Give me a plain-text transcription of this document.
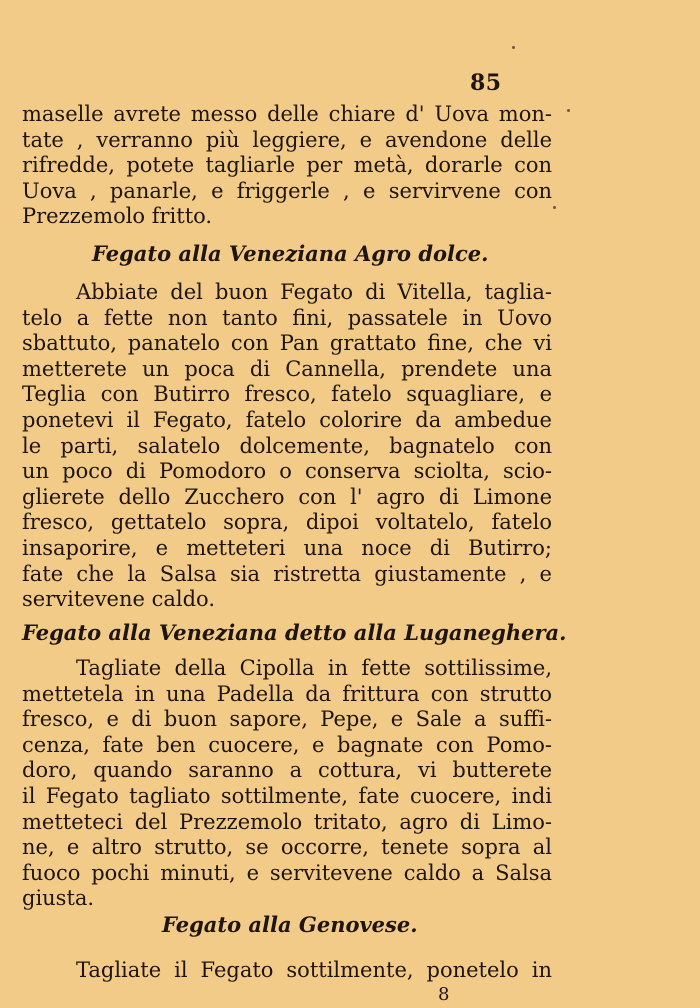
85
maselle avrete messo delle chiare d' Uova mon-
tate , verranno più leggiere, e avendone delle
rifredde, potete tagliarle per metà, dorarle con
Uova , panarle, e friggerle , e servirvene con
Prezzemolo fritto.
Fegato alla Veneziana Agro dolce.
Abbiate del buon Fegato di Vitella, taglia-
telo a fette non tanto fini, passatele in Uovo
sbattuto, panatelo con Pan grattato fine, che vi
metterete un poca di Cannella, prendete una
Teglia con Butirro fresco, fatelo squagliare, e
ponetevi il Fegato, fatelo colorire da ambedue
le parti, salatelo dolcemente, bagnatelo con
un poco di Pomodoro o conserva sciolta, scio-
glierete dello Zucchero con l' agro di Limone
fresco, gettatelo sopra, dipoi voltatelo, fatelo
insaporire, e metteteri una noce di Butirro;
fate che la Salsa sia ristretta giustamente , e
servitevene caldo.
Fegato alla Veneziana detto alla Luganeghera.
Tagliate della Cipolla in fette sottilissime,
mettetela in una Padella da frittura con strutto
fresco, e di buon sapore, Pepe, e Sale a suffi-
cenza, fate ben cuocere, e bagnate con Pomo-
doro, quando saranno a cottura, vi butterete
il Fegato tagliato sottilmente, fate cuocere, indi
metteteci del Prezzemolo tritato, agro di Limo-
ne, e altro strutto, se occorre, tenete sopra al
fuoco pochi minuti, e servitevene caldo a Salsa
giusta.
Fegato alla Genovese.
Tagliate il Fegato sottilmente, ponetelo in
8
